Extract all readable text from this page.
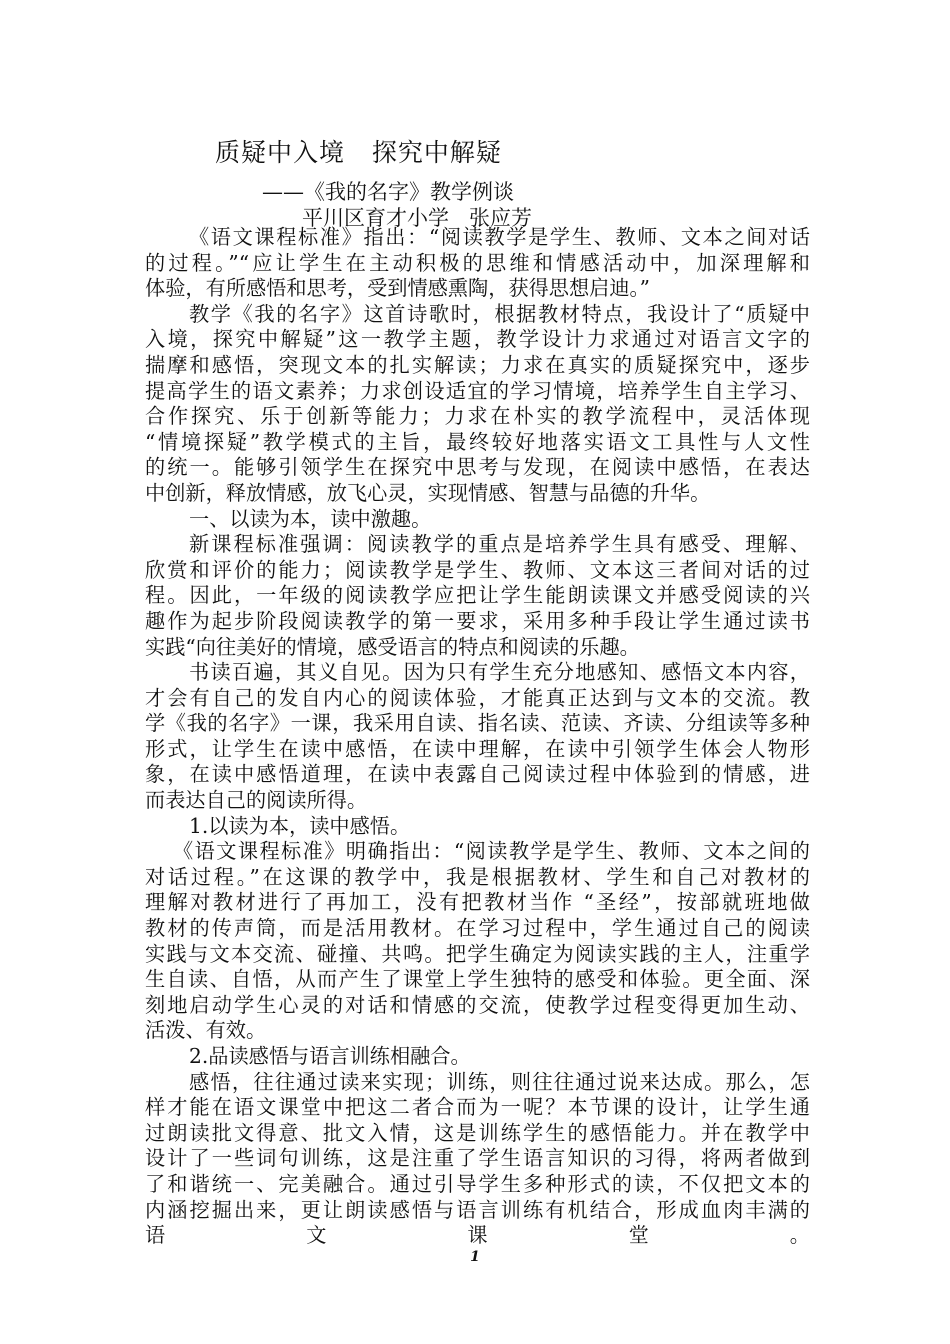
质疑中入境   探究中解疑
——《我的名字》教学例谈
平川区育才小学   张应芳
《语文课程标准》指出：“阅读教学是学生、教师、文本之间对话
的过程。”“应让学生在主动积极的思维和情感活动中，加深理解和
体验，有所感悟和思考，受到情感熏陶，获得思想启迪。”
教学《我的名字》这首诗歌时，根据教材特点，我设计了“质疑中
入境，探究中解疑”这一教学主题，教学设计力求通过对语言文字的
揣摩和感悟，突现文本的扎实解读；力求在真实的质疑探究中，逐步
提高学生的语文素养；力求创设适宜的学习情境，培养学生自主学习、
合作探究、乐于创新等能力；力求在朴实的教学流程中，灵活体现
“情境探疑”教学模式的主旨，最终较好地落实语文工具性与人文性
的统一。能够引领学生在探究中思考与发现，在阅读中感悟，在表达
中创新，释放情感，放飞心灵，实现情感、智慧与品德的升华。
一、以读为本，读中激趣。
新课程标准强调：阅读教学的重点是培养学生具有感受、理解、
欣赏和评价的能力；阅读教学是学生、教师、文本这三者间对话的过
程。因此，一年级的阅读教学应把让学生能朗读课文并感受阅读的兴
趣作为起步阶段阅读教学的第一要求，采用多种手段让学生通过读书
实践“向往美好的情境，感受语言的特点和阅读的乐趣。
书读百遍，其义自见。因为只有学生充分地感知、感悟文本内容，
才会有自己的发自内心的阅读体验，才能真正达到与文本的交流。教
学《我的名字》一课，我采用自读、指名读、范读、齐读、分组读等多种
形式，让学生在读中感悟，在读中理解，在读中引领学生体会人物形
象，在读中感悟道理，在读中表露自己阅读过程中体验到的情感，进
而表达自己的阅读所得。
1.以读为本，读中感悟。
《语文课程标准》明确指出：“阅读教学是学生、教师、文本之间的
对话过程。”在这课的教学中，我是根据教材、学生和自己对教材的
理解对教材进行了再加工，没有把教材当作 “圣经”，按部就班地做
教材的传声筒，而是活用教材。在学习过程中，学生通过自己的阅读
实践与文本交流、碰撞、共鸣。把学生确定为阅读实践的主人，注重学
生自读、自悟，从而产生了课堂上学生独特的感受和体验。更全面、深
刻地启动学生心灵的对话和情感的交流，使教学过程变得更加生动、
活泼、有效。
2.品读感悟与语言训练相融合。
感悟，往往通过读来实现；训练，则往往通过说来达成。那么，怎
样才能在语文课堂中把这二者合而为一呢？本节课的设计，让学生通
过朗读批文得意、批文入情，这是训练学生的感悟能力。并在教学中
设计了一些词句训练，这是注重了学生语言知识的习得，将两者做到
了和谐统一、完美融合。通过引导学生多种形式的读，不仅把文本的
内涵挖掘出来，更让朗读感悟与语言训练有机结合，形成血肉丰满的
语文课堂。
1
